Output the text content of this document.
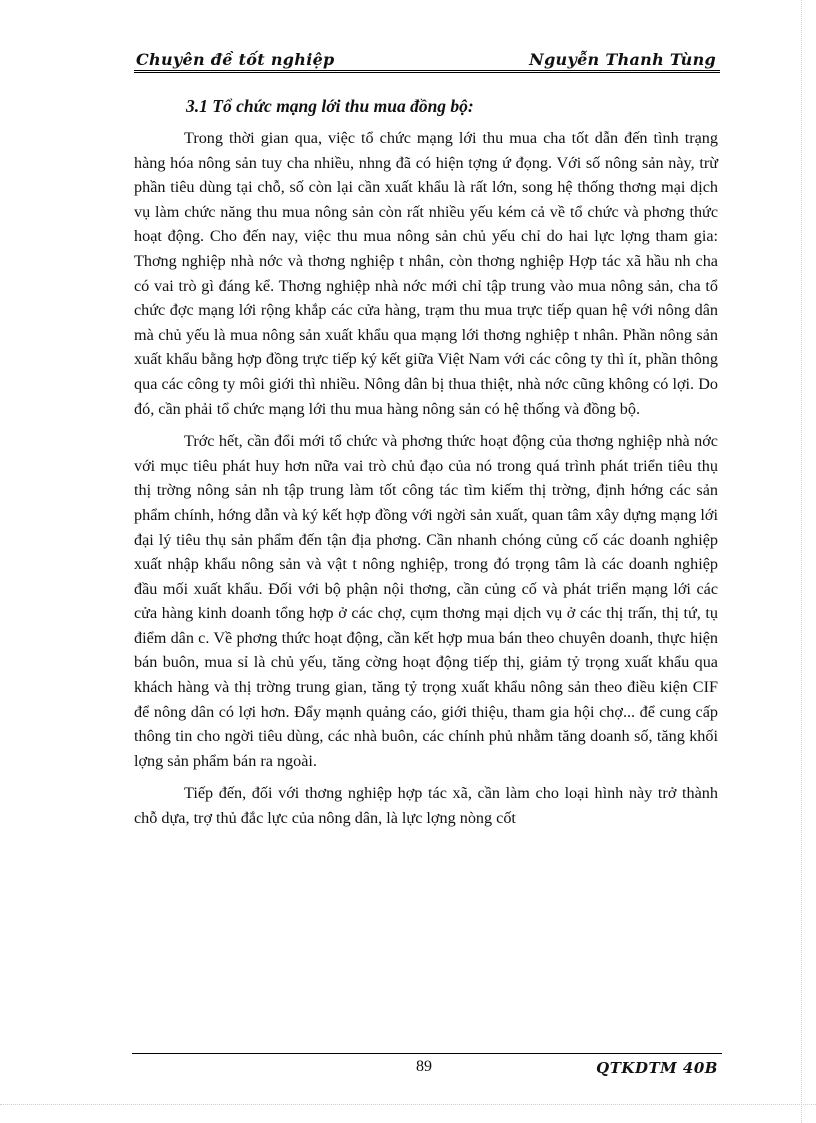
Chuyên đề tốt nghiệp	Nguyễn Thanh Tùng
3.1 Tổ chức mạng lới thu mua đồng bộ:

Trong thời gian qua, việc tổ chức mạng lới thu mua cha tốt dẫn đến tình trạng hàng hóa nông sản tuy cha nhiều, nhng đã có hiện tợng ứ đọng. Với số nông sản này, trừ phần tiêu dùng tại chỗ, số còn lại cần xuất khẩu là rất lớn, song hệ thống thơng mại dịch vụ làm chức năng thu mua nông sản còn rất nhiều yếu kém cả về tổ chức và phơng thức hoạt động. Cho đến nay, việc thu mua nông sản chủ yếu chỉ do hai lực lợng tham gia: Thơng nghiệp nhà nớc và thơng nghiệp t nhân, còn thơng nghiệp Hợp tác xã hầu nh cha có vai trò gì đáng kể. Thơng nghiệp nhà nớc mới chỉ tập trung vào mua nông sản, cha tổ chức đợc mạng lới rộng khắp các cửa hàng, trạm thu mua trực tiếp quan hệ với nông dân mà chủ yếu là mua nông sản xuất khẩu qua mạng lới thơng nghiệp t nhân. Phần nông sản xuất khẩu bằng hợp đồng trực tiếp ký kết giữa Việt Nam với các công ty thì ít, phần thông qua các công ty môi giới thì nhiều. Nông dân bị thua thiệt, nhà nớc cũng không có lợi. Do đó, cần phải tổ chức mạng lới thu mua hàng nông sản có hệ thống và đồng bộ.

Trớc hết, cần đổi mới tổ chức và phơng thức hoạt động của thơng nghiệp nhà nớc với mục tiêu phát huy hơn nữa vai trò chủ đạo của nó trong quá trình phát triển tiêu thụ thị trờng nông sản nh tập trung làm tốt công tác tìm kiếm thị trờng, định hớng các sản phẩm chính, hớng dẫn và ký kết hợp đồng với ngời sản xuất, quan tâm xây dựng mạng lới đại lý tiêu thụ sản phẩm đến tận địa phơng. Cần nhanh chóng củng cố các doanh nghiệp xuất nhập khẩu nông sản và vật t nông nghiệp, trong đó trọng tâm là các doanh nghiệp đầu mối xuất khẩu. Đối với bộ phận nội thơng, cần củng cố và phát triển mạng lới các cửa hàng kinh doanh tổng hợp ở các chợ, cụm thơng mại dịch vụ ở các thị trấn, thị tứ, tụ điểm dân c. Về phơng thức hoạt động, cần kết hợp mua bán theo chuyên doanh, thực hiện bán buôn, mua sỉ là chủ yếu, tăng cờng hoạt động tiếp thị, giảm tỷ trọng xuất khẩu qua khách hàng và thị trờng trung gian, tăng tỷ trọng xuất khẩu nông sản theo điều kiện CIF để nông dân có lợi hơn. Đẩy mạnh quảng cáo, giới thiệu, tham gia hội chợ... để cung cấp thông tin cho ngời tiêu dùng, các nhà buôn, các chính phủ nhằm tăng doanh số, tăng khối lợng sản phẩm bán ra ngoài.

Tiếp đến, đối với thơng nghiệp hợp tác xã, cần làm cho loại hình này trở thành chỗ dựa, trợ thủ đắc lực của nông dân, là lực lợng nòng cốt

89	QTKDTM 40B
